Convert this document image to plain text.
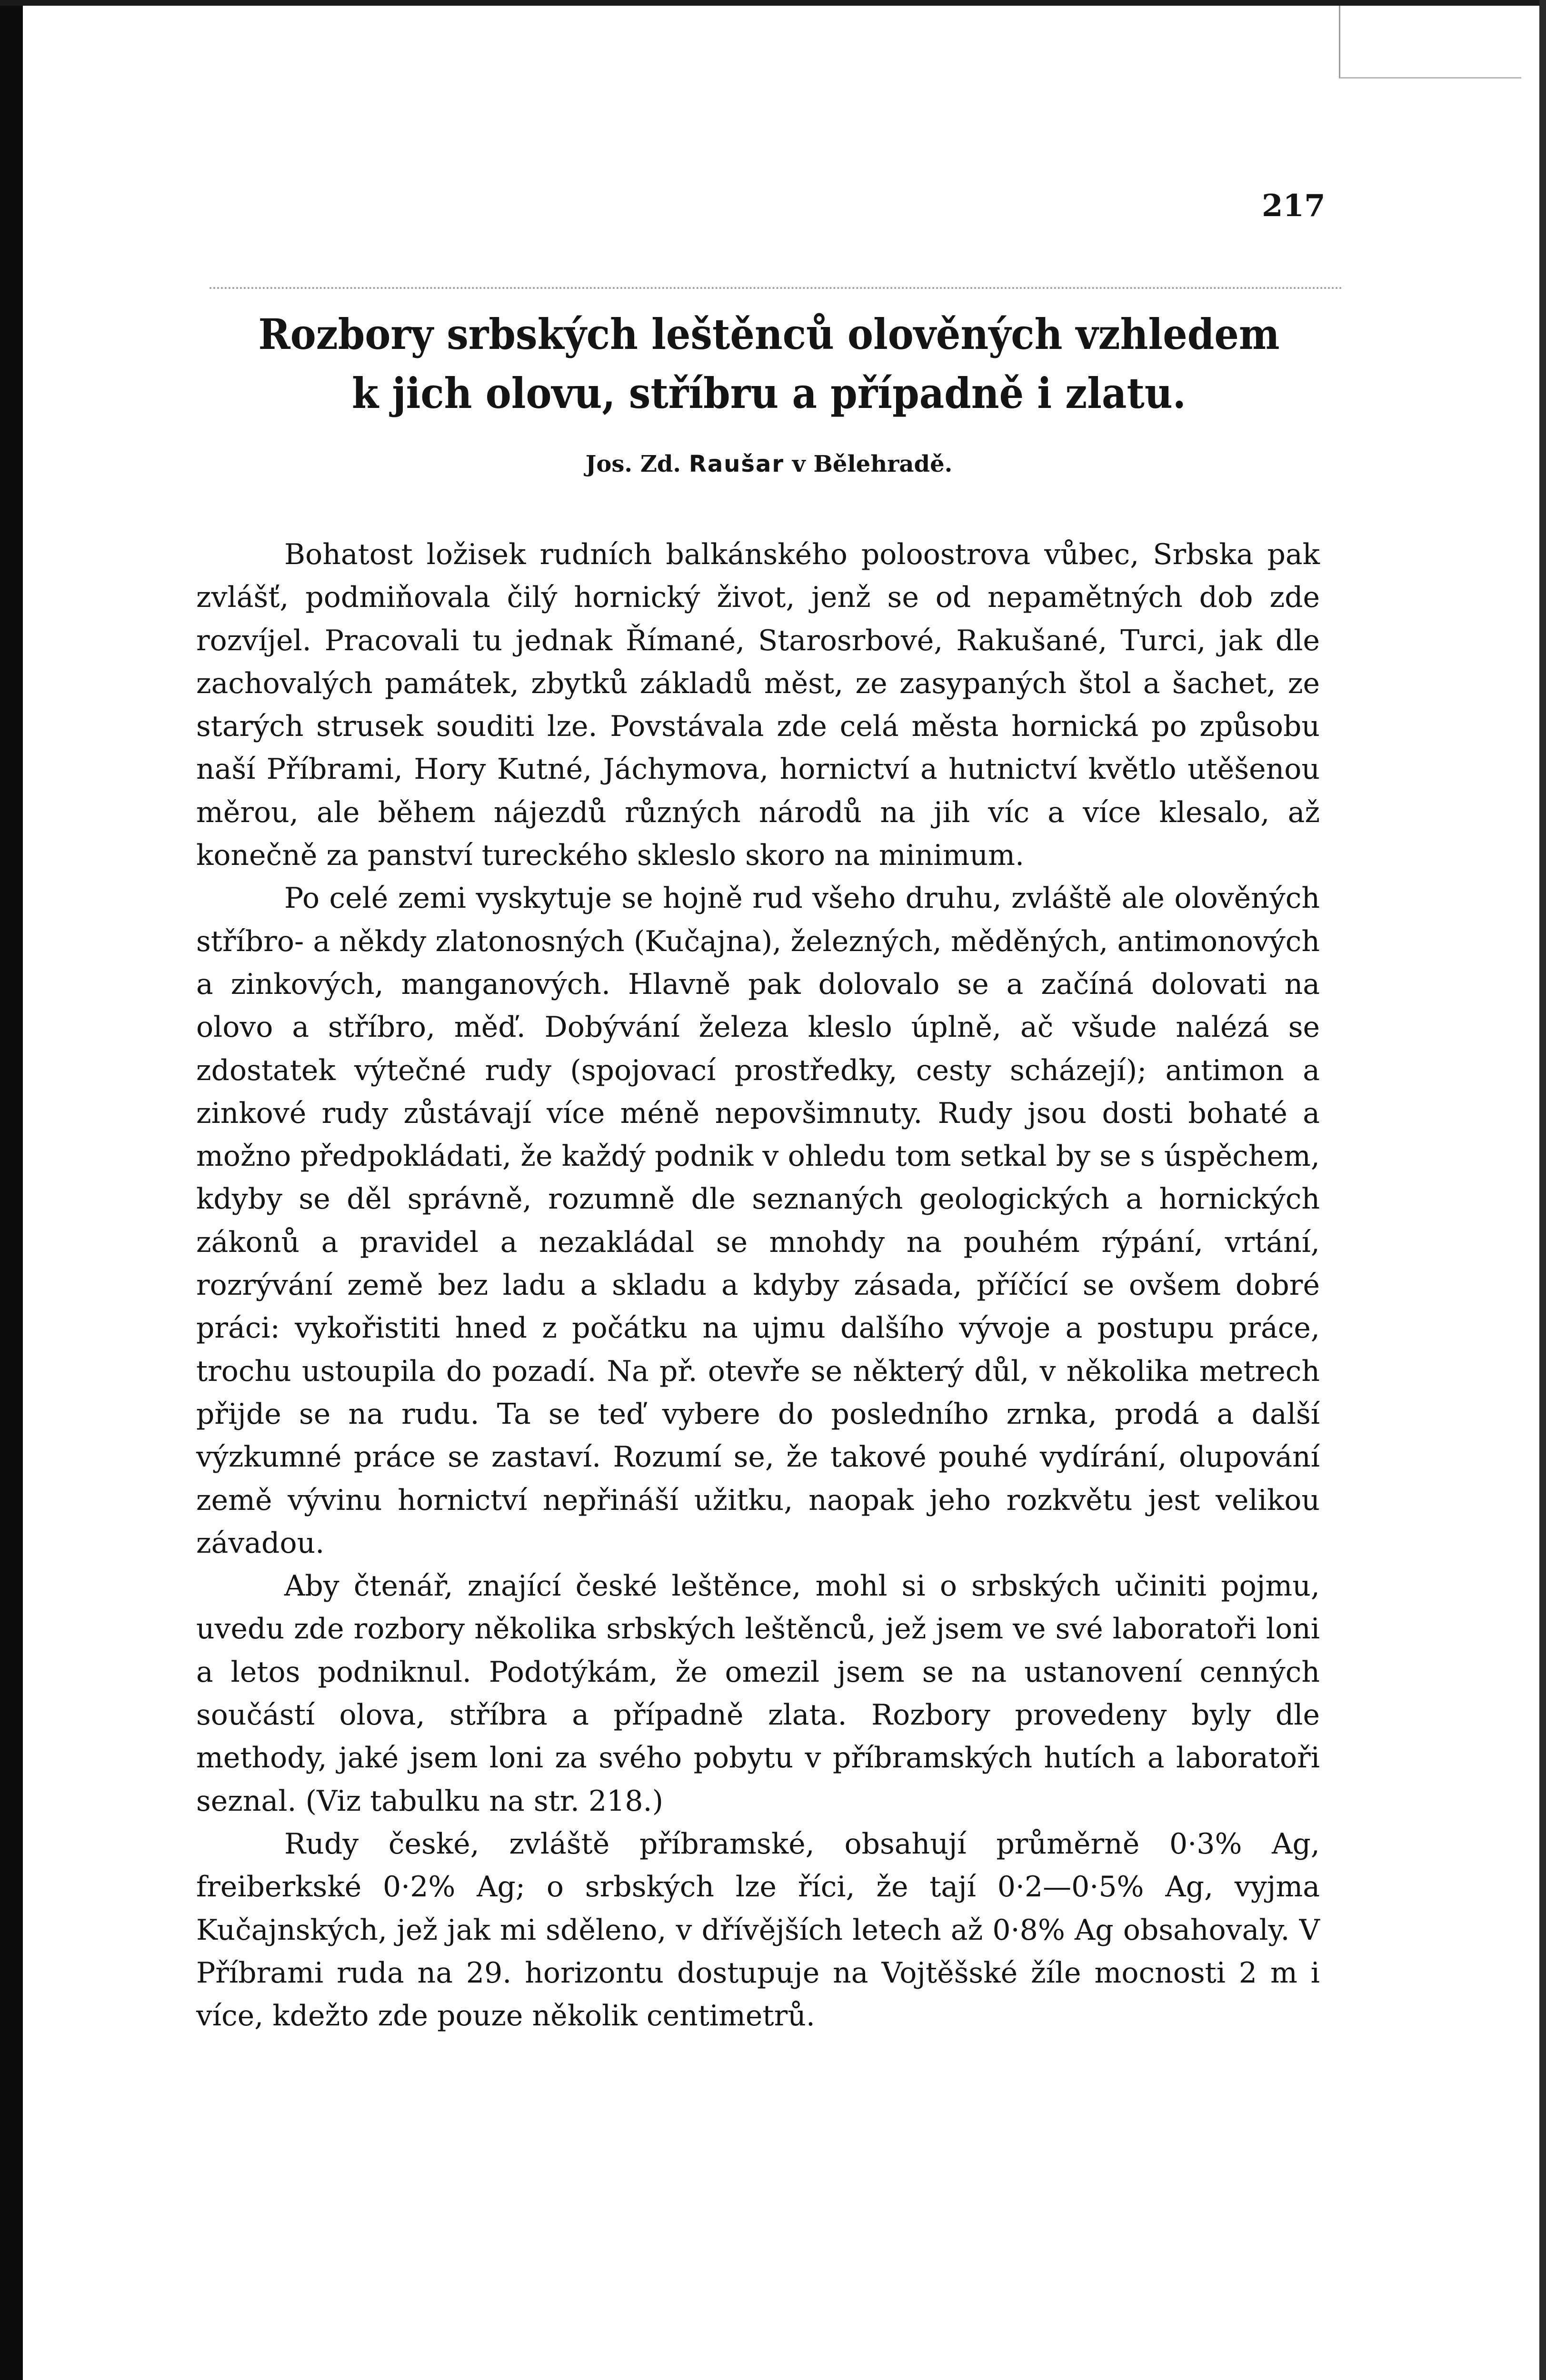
217
Rozbory srbských leštěnců olověných vzhledem k jich olovu, stříbru a případně i zlatu.
Jos. Zd. Raušar v Bělehradě.

Bohatost ložisek rudních balkánského poloostrova vůbec, Srbska pak zvlášť, podmiňovala čilý hornický život, jenž se od nepamětných dob zde rozvíjel. Pracovali tu jednak Římané, Starosrbové, Rakušané, Turci, jak dle zachovalých památek, zbytků základů měst, ze zasypaných štol a šachet, ze starých strusek souditi lze. Povstávala zde celá města hornická po způsobu naší Příbrami, Hory Kutné, Jáchymova, hornictví a hutnictví květlo utěšenou měrou, ale během nájezdů různých národů na jih víc a více klesalo, až konečně za panství tureckého skleslo skoro na minimum.

Po celé zemi vyskytuje se hojně rud všeho druhu, zvláště ale olověných stříbro- a někdy zlatonosných (Kučajna), železných, měděných, antimonových a zinkových, manganových. Hlavně pak dolovalo se a začíná dolovati na olovo a stříbro, měď. Dobývání železa kleslo úplně, ač všude nalézá se zdostatek výtečné rudy (spojovací prostředky, cesty scházejí); antimon a zinkové rudy zůstávají více méně nepovšimnuty. Rudy jsou dosti bohaté a možno předpokládati, že každý podnik v ohledu tom setkal by se s úspěchem, kdyby se děl správně, rozumně dle seznaných geologických a hornických zákonů a pravidel a nezakládal se mnohdy na pouhém rýpání, vrtání, rozrývání země bez ladu a skladu a kdyby zásada, příčící se ovšem dobré práci: vykořistiti hned z počátku na ujmu dalšího vývoje a postupu práce, trochu ustoupila do pozadí. Na př. otevře se některý důl, v několika metrech přijde se na rudu. Ta se teď vybere do posledního zrnka, prodá a další výzkumné práce se zastaví. Rozumí se, že takové pouhé vydírání, olupování země vývinu hornictví nepřináší užitku, naopak jeho rozkvětu jest velikou závadou.

Aby čtenář, znající české leštěnce, mohl si o srbských učiniti pojmu, uvedu zde rozbory několika srbských leštěnců, jež jsem ve své laboratoři loni a letos podniknul. Podotýkám, že omezil jsem se na ustanovení cenných součástí olova, stříbra a případně zlata. Rozbory provedeny byly dle methody, jaké jsem loni za svého pobytu v příbramských hutích a laboratoři seznal. (Viz tabulku na str. 218.)

Rudy české, zvláště příbramské, obsahují průměrně 0·3% Ag, freiberkské 0·2% Ag; o srbských lze říci, že tají 0·2—0·5% Ag, vyjma Kučajnských, jež jak mi sděleno, v dřívějších letech až 0·8% Ag obsahovaly. V Příbrami ruda na 29. horizontu dostupuje na Vojtěšské žíle mocnosti 2 m i více, kdežto zde pouze několik centimetrů.
